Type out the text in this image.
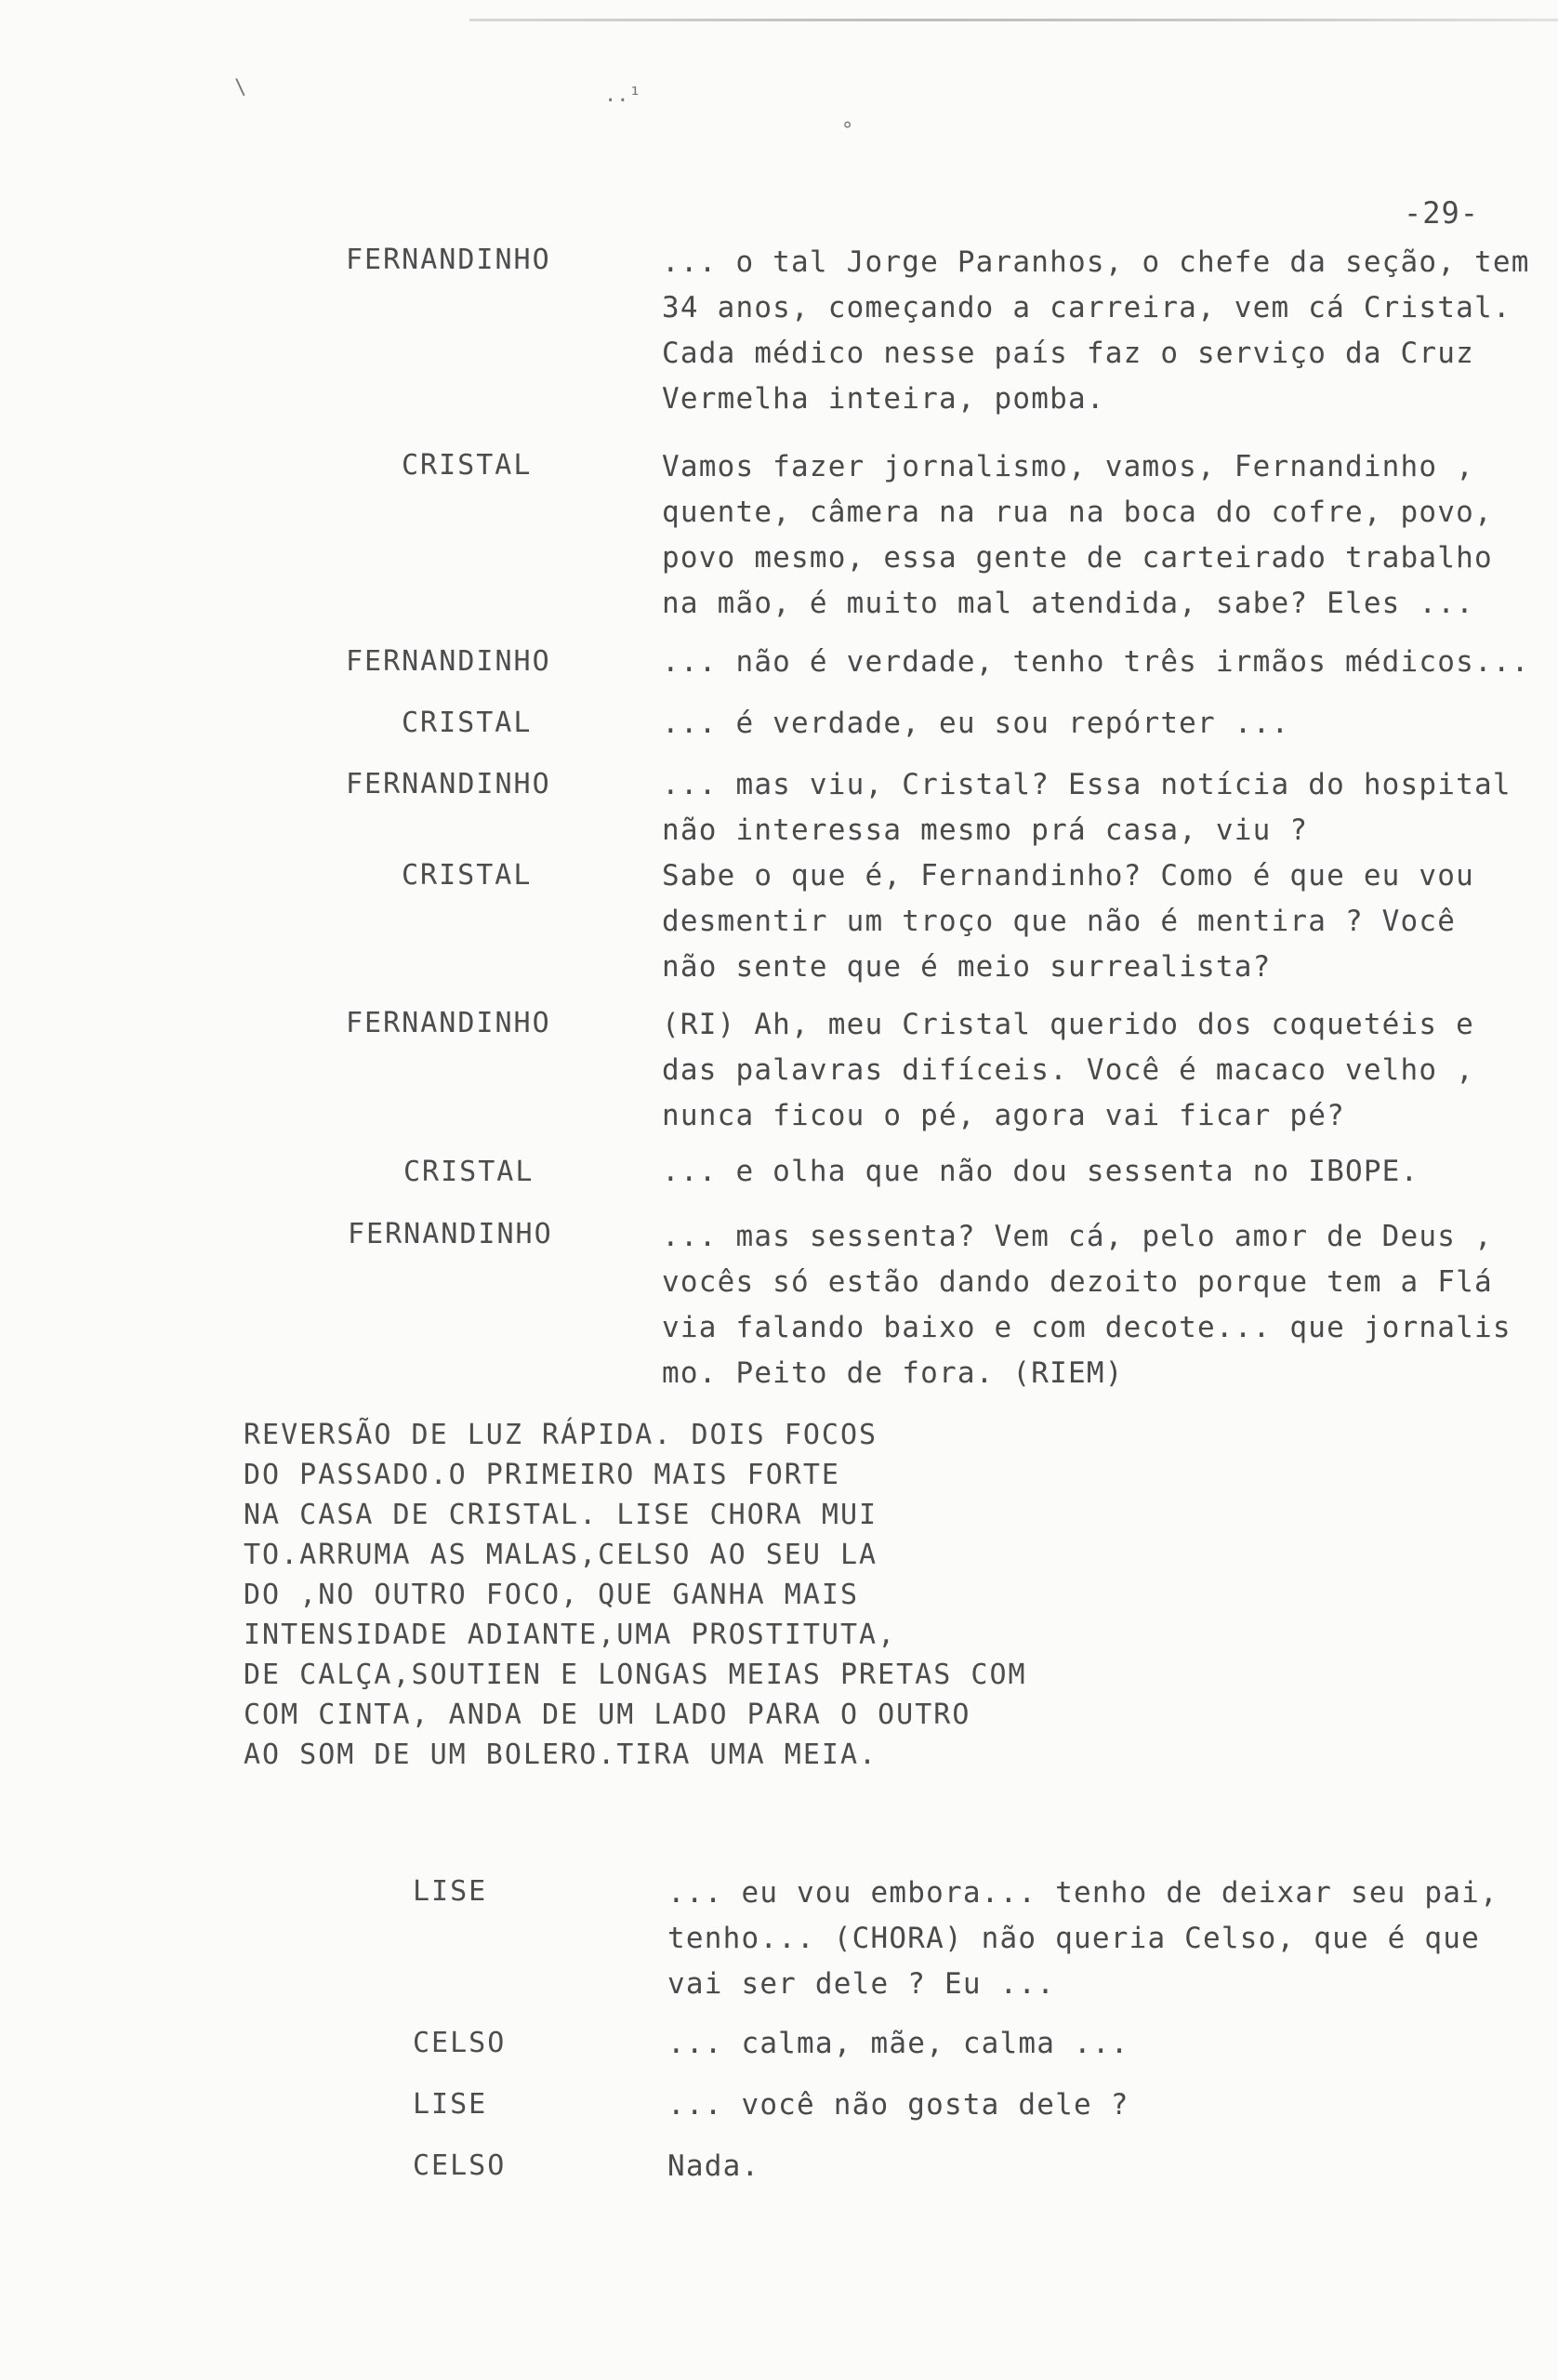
\	..¹
°
-29-
FERNANDINHO	... o tal Jorge Paranhos, o chefe da seção, tem
34 anos, começando a carreira, vem cá Cristal.
Cada médico nesse país faz o serviço da Cruz
Vermelha inteira, pomba.
CRISTAL	Vamos fazer jornalismo, vamos, Fernandinho ,
quente, câmera na rua na boca do cofre, povo,
povo mesmo, essa gente de carteirado trabalho
na mão, é muito mal atendida, sabe? Eles ...
FERNANDINHO	... não é verdade, tenho três irmãos médicos...
CRISTAL	... é verdade, eu sou repórter ...
FERNANDINHO	... mas viu, Cristal? Essa notícia do hospital
não interessa mesmo prá casa, viu ?
CRISTAL	Sabe o que é, Fernandinho? Como é que eu vou
desmentir um troço que não é mentira ? Você
não sente que é meio surrealista?
FERNANDINHO	(RI) Ah, meu Cristal querido dos coquetéis e
das palavras difíceis. Você é macaco velho ,
nunca ficou o pé, agora vai ficar pé?
CRISTAL	... e olha que não dou sessenta no IBOPE.
FERNANDINHO	... mas sessenta? Vem cá, pelo amor de Deus ,
vocês só estão dando dezoito porque tem a Flá
via falando baixo e com decote... que jornalis
mo. Peito de fora. (RIEM)
REVERSÃO DE LUZ RÁPIDA. DOIS FOCOS
DO PASSADO.O PRIMEIRO MAIS FORTE
NA CASA DE CRISTAL. LISE CHORA MUI
TO.ARRUMA AS MALAS,CELSO AO SEU LA
DO ,NO OUTRO FOCO, QUE GANHA MAIS
INTENSIDADE ADIANTE,UMA PROSTITUTA,
DE CALÇA,SOUTIEN E LONGAS MEIAS PRETAS COM
COM CINTA, ANDA DE UM LADO PARA O OUTRO
AO SOM DE UM BOLERO.TIRA UMA MEIA.
LISE	... eu vou embora... tenho de deixar seu pai,
tenho... (CHORA) não queria Celso, que é que
vai ser dele ? Eu ...
CELSO	... calma, mãe, calma ...
LISE	... você não gosta dele ?
CELSO	Nada.
